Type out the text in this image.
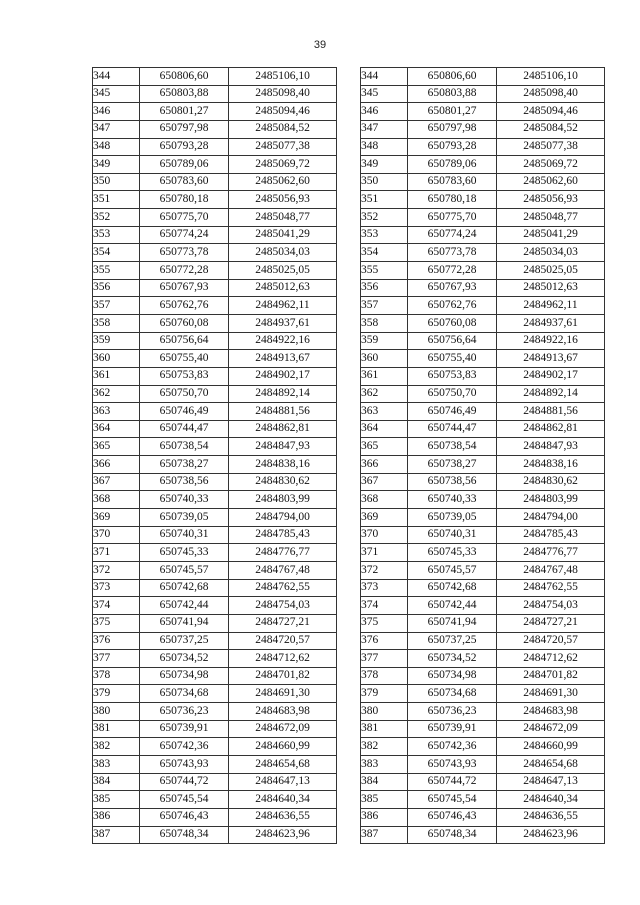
39
344	650806,60	2485106,10
345	650803,88	2485098,40
346	650801,27	2485094,46
347	650797,98	2485084,52
348	650793,28	2485077,38
349	650789,06	2485069,72
350	650783,60	2485062,60
351	650780,18	2485056,93
352	650775,70	2485048,77
353	650774,24	2485041,29
354	650773,78	2485034,03
355	650772,28	2485025,05
356	650767,93	2485012,63
357	650762,76	2484962,11
358	650760,08	2484937,61
359	650756,64	2484922,16
360	650755,40	2484913,67
361	650753,83	2484902,17
362	650750,70	2484892,14
363	650746,49	2484881,56
364	650744,47	2484862,81
365	650738,54	2484847,93
366	650738,27	2484838,16
367	650738,56	2484830,62
368	650740,33	2484803,99
369	650739,05	2484794,00
370	650740,31	2484785,43
371	650745,33	2484776,77
372	650745,57	2484767,48
373	650742,68	2484762,55
374	650742,44	2484754,03
375	650741,94	2484727,21
376	650737,25	2484720,57
377	650734,52	2484712,62
378	650734,98	2484701,82
379	650734,68	2484691,30
380	650736,23	2484683,98
381	650739,91	2484672,09
382	650742,36	2484660,99
383	650743,93	2484654,68
384	650744,72	2484647,13
385	650745,54	2484640,34
386	650746,43	2484636,55
387	650748,34	2484623,96
344	650806,60	2485106,10
345	650803,88	2485098,40
346	650801,27	2485094,46
347	650797,98	2485084,52
348	650793,28	2485077,38
349	650789,06	2485069,72
350	650783,60	2485062,60
351	650780,18	2485056,93
352	650775,70	2485048,77
353	650774,24	2485041,29
354	650773,78	2485034,03
355	650772,28	2485025,05
356	650767,93	2485012,63
357	650762,76	2484962,11
358	650760,08	2484937,61
359	650756,64	2484922,16
360	650755,40	2484913,67
361	650753,83	2484902,17
362	650750,70	2484892,14
363	650746,49	2484881,56
364	650744,47	2484862,81
365	650738,54	2484847,93
366	650738,27	2484838,16
367	650738,56	2484830,62
368	650740,33	2484803,99
369	650739,05	2484794,00
370	650740,31	2484785,43
371	650745,33	2484776,77
372	650745,57	2484767,48
373	650742,68	2484762,55
374	650742,44	2484754,03
375	650741,94	2484727,21
376	650737,25	2484720,57
377	650734,52	2484712,62
378	650734,98	2484701,82
379	650734,68	2484691,30
380	650736,23	2484683,98
381	650739,91	2484672,09
382	650742,36	2484660,99
383	650743,93	2484654,68
384	650744,72	2484647,13
385	650745,54	2484640,34
386	650746,43	2484636,55
387	650748,34	2484623,96
